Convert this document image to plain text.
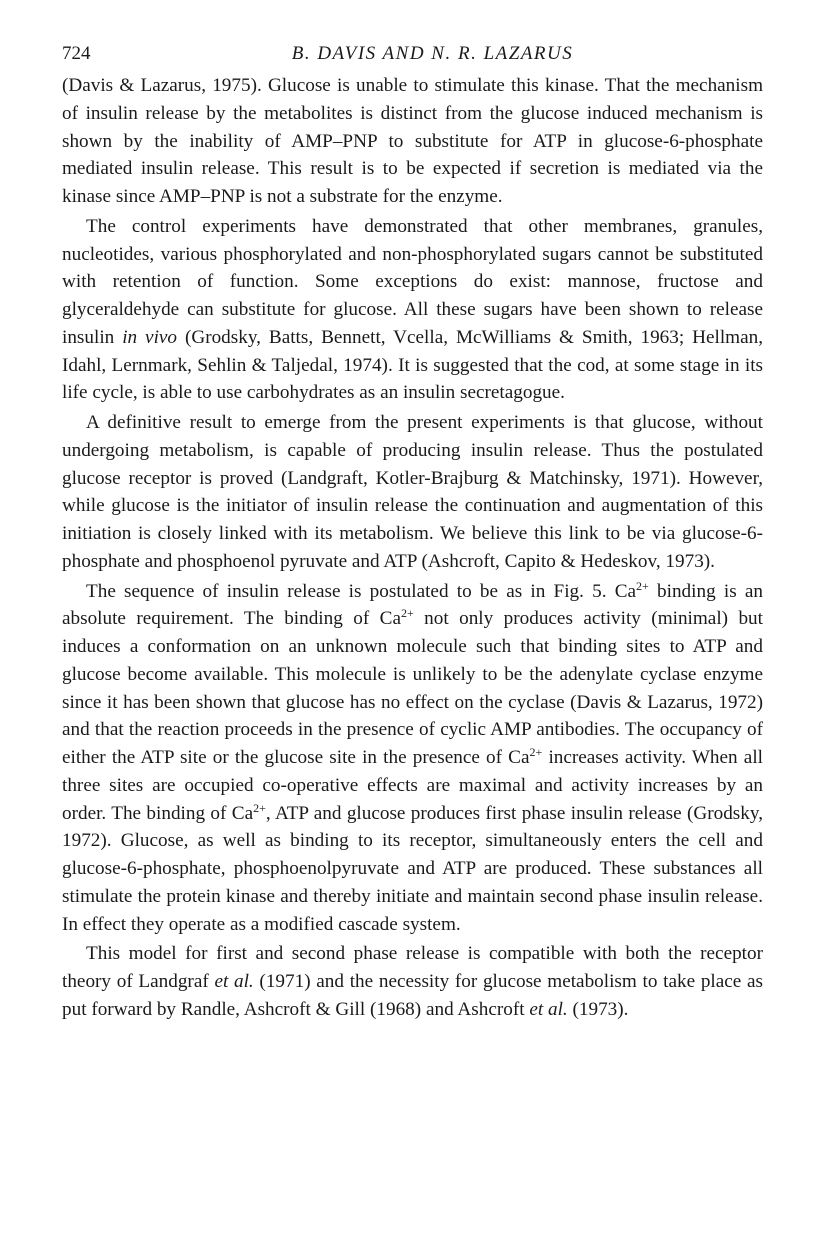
724	B. DAVIS AND N. R. LAZARUS

(Davis & Lazarus, 1975). Glucose is unable to stimulate this kinase. That the mechanism of insulin release by the metabolites is distinct from the glucose induced mechanism is shown by the inability of AMP–PNP to substitute for ATP in glucose-6-phosphate mediated insulin release. This result is to be expected if secretion is mediated via the kinase since AMP–PNP is not a substrate for the enzyme.

The control experiments have demonstrated that other membranes, granules, nucleotides, various phosphorylated and non-phosphorylated sugars cannot be substituted with retention of function. Some exceptions do exist: mannose, fructose and glyceraldehyde can substitute for glucose. All these sugars have been shown to release insulin in vivo (Grodsky, Batts, Bennett, Vcella, McWilliams & Smith, 1963; Hellman, Idahl, Lernmark, Sehlin & Taljedal, 1974). It is suggested that the cod, at some stage in its life cycle, is able to use carbohydrates as an insulin secretagogue.

A definitive result to emerge from the present experiments is that glucose, without undergoing metabolism, is capable of producing insulin release. Thus the postulated glucose receptor is proved (Landgraft, Kotler-Brajburg & Matchinsky, 1971). However, while glucose is the initiator of insulin release the continuation and augmentation of this initiation is closely linked with its metabolism. We believe this link to be via glucose-6-phosphate and phosphoenol pyruvate and ATP (Ashcroft, Capito & Hedeskov, 1973).

The sequence of insulin release is postulated to be as in Fig. 5. $Ca^{2+}$ binding is an absolute requirement. The binding of $Ca^{2+}$ not only produces activity (minimal) but induces a conformation on an unknown molecule such that binding sites to ATP and glucose become available. This molecule is unlikely to be the adenylate cyclase enzyme since it has been shown that glucose has no effect on the cyclase (Davis & Lazarus, 1972) and that the reaction proceeds in the presence of cyclic AMP antibodies. The occupancy of either the ATP site or the glucose site in the presence of $Ca^{2+}$ increases activity. When all three sites are occupied co-operative effects are maximal and activity increases by an order. The binding of $Ca^{2+}$, ATP and glucose produces first phase insulin release (Grodsky, 1972). Glucose, as well as binding to its receptor, simultaneously enters the cell and glucose-6-phosphate, phosphoenolpyruvate and ATP are produced. These substances all stimulate the protein kinase and thereby initiate and maintain second phase insulin release. In effect they operate as a modified cascade system.

This model for first and second phase release is compatible with both the receptor theory of Landgraf et al. (1971) and the necessity for glucose metabolism to take place as put forward by Randle, Ashcroft & Gill (1968) and Ashcroft et al. (1973).
